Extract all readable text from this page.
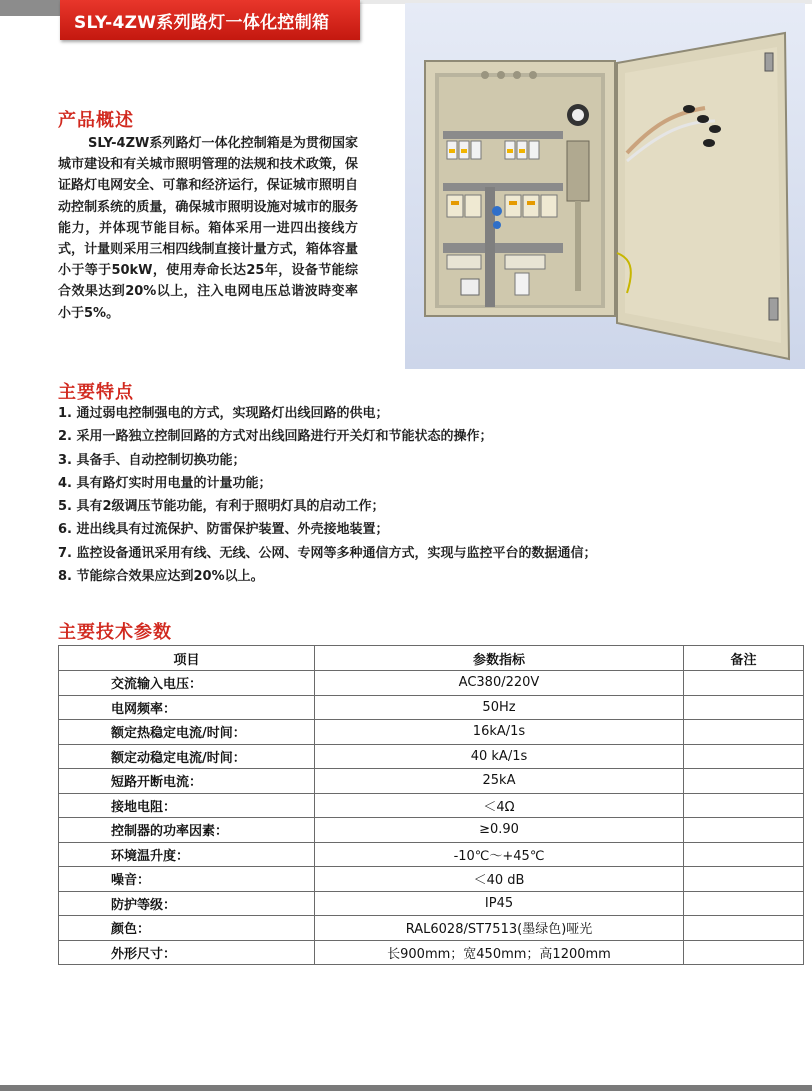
SLY-4ZW系列路灯一体化控制箱
产品概述

SLY-4ZW系列路灯一体化控制箱是为贯彻国家城市建设和有关城市照明管理的法规和技术政策，保证路灯电网安全、可靠和经济运行，保证城市照明自动控制系统的质量，确保城市照明设施对城市的服务能力，并体现节能目标。箱体采用一进四出接线方式，计量则采用三相四线制直接计量方式，箱体容量小于等于50kW，使用寿命长达25年，设备节能综合效果达到20%以上，注入电网电压总谐波時变率小于5%。

主要特点
1. 通过弱电控制强电的方式，实现路灯出线回路的供电；
2. 采用一路独立控制回路的方式对出线回路进行开关灯和节能状态的操作；
3. 具备手、自动控制切换功能；
4. 具有路灯实时用电量的计量功能；
5. 具有2级调压节能功能，有利于照明灯具的启动工作；
6. 进出线具有过流保护、防雷保护装置、外壳接地装置；
7. 监控设备通讯采用有线、无线、公网、专网等多种通信方式，实现与监控平台的数据通信；
8. 节能综合效果应达到20%以上。
主要技术参数
项目	参数指标	备注
交流输入电压：	AC380/220V	
电网频率：	50Hz	
额定热稳定电流/时间：	16kA/1s	
额定动稳定电流/时间：	40 kA/1s	
短路开断电流：	25kA	
接地电阻：	＜4Ω	
控制器的功率因素：	≥0.90	
环境温升度：	-10℃～+45℃	
噪音：	＜40 dB	
防护等级：	IP45	
颜色：	RAL6028/ST7513(墨绿色)哑光	
外形尺寸：	长900mm；宽450mm；高1200mm	
